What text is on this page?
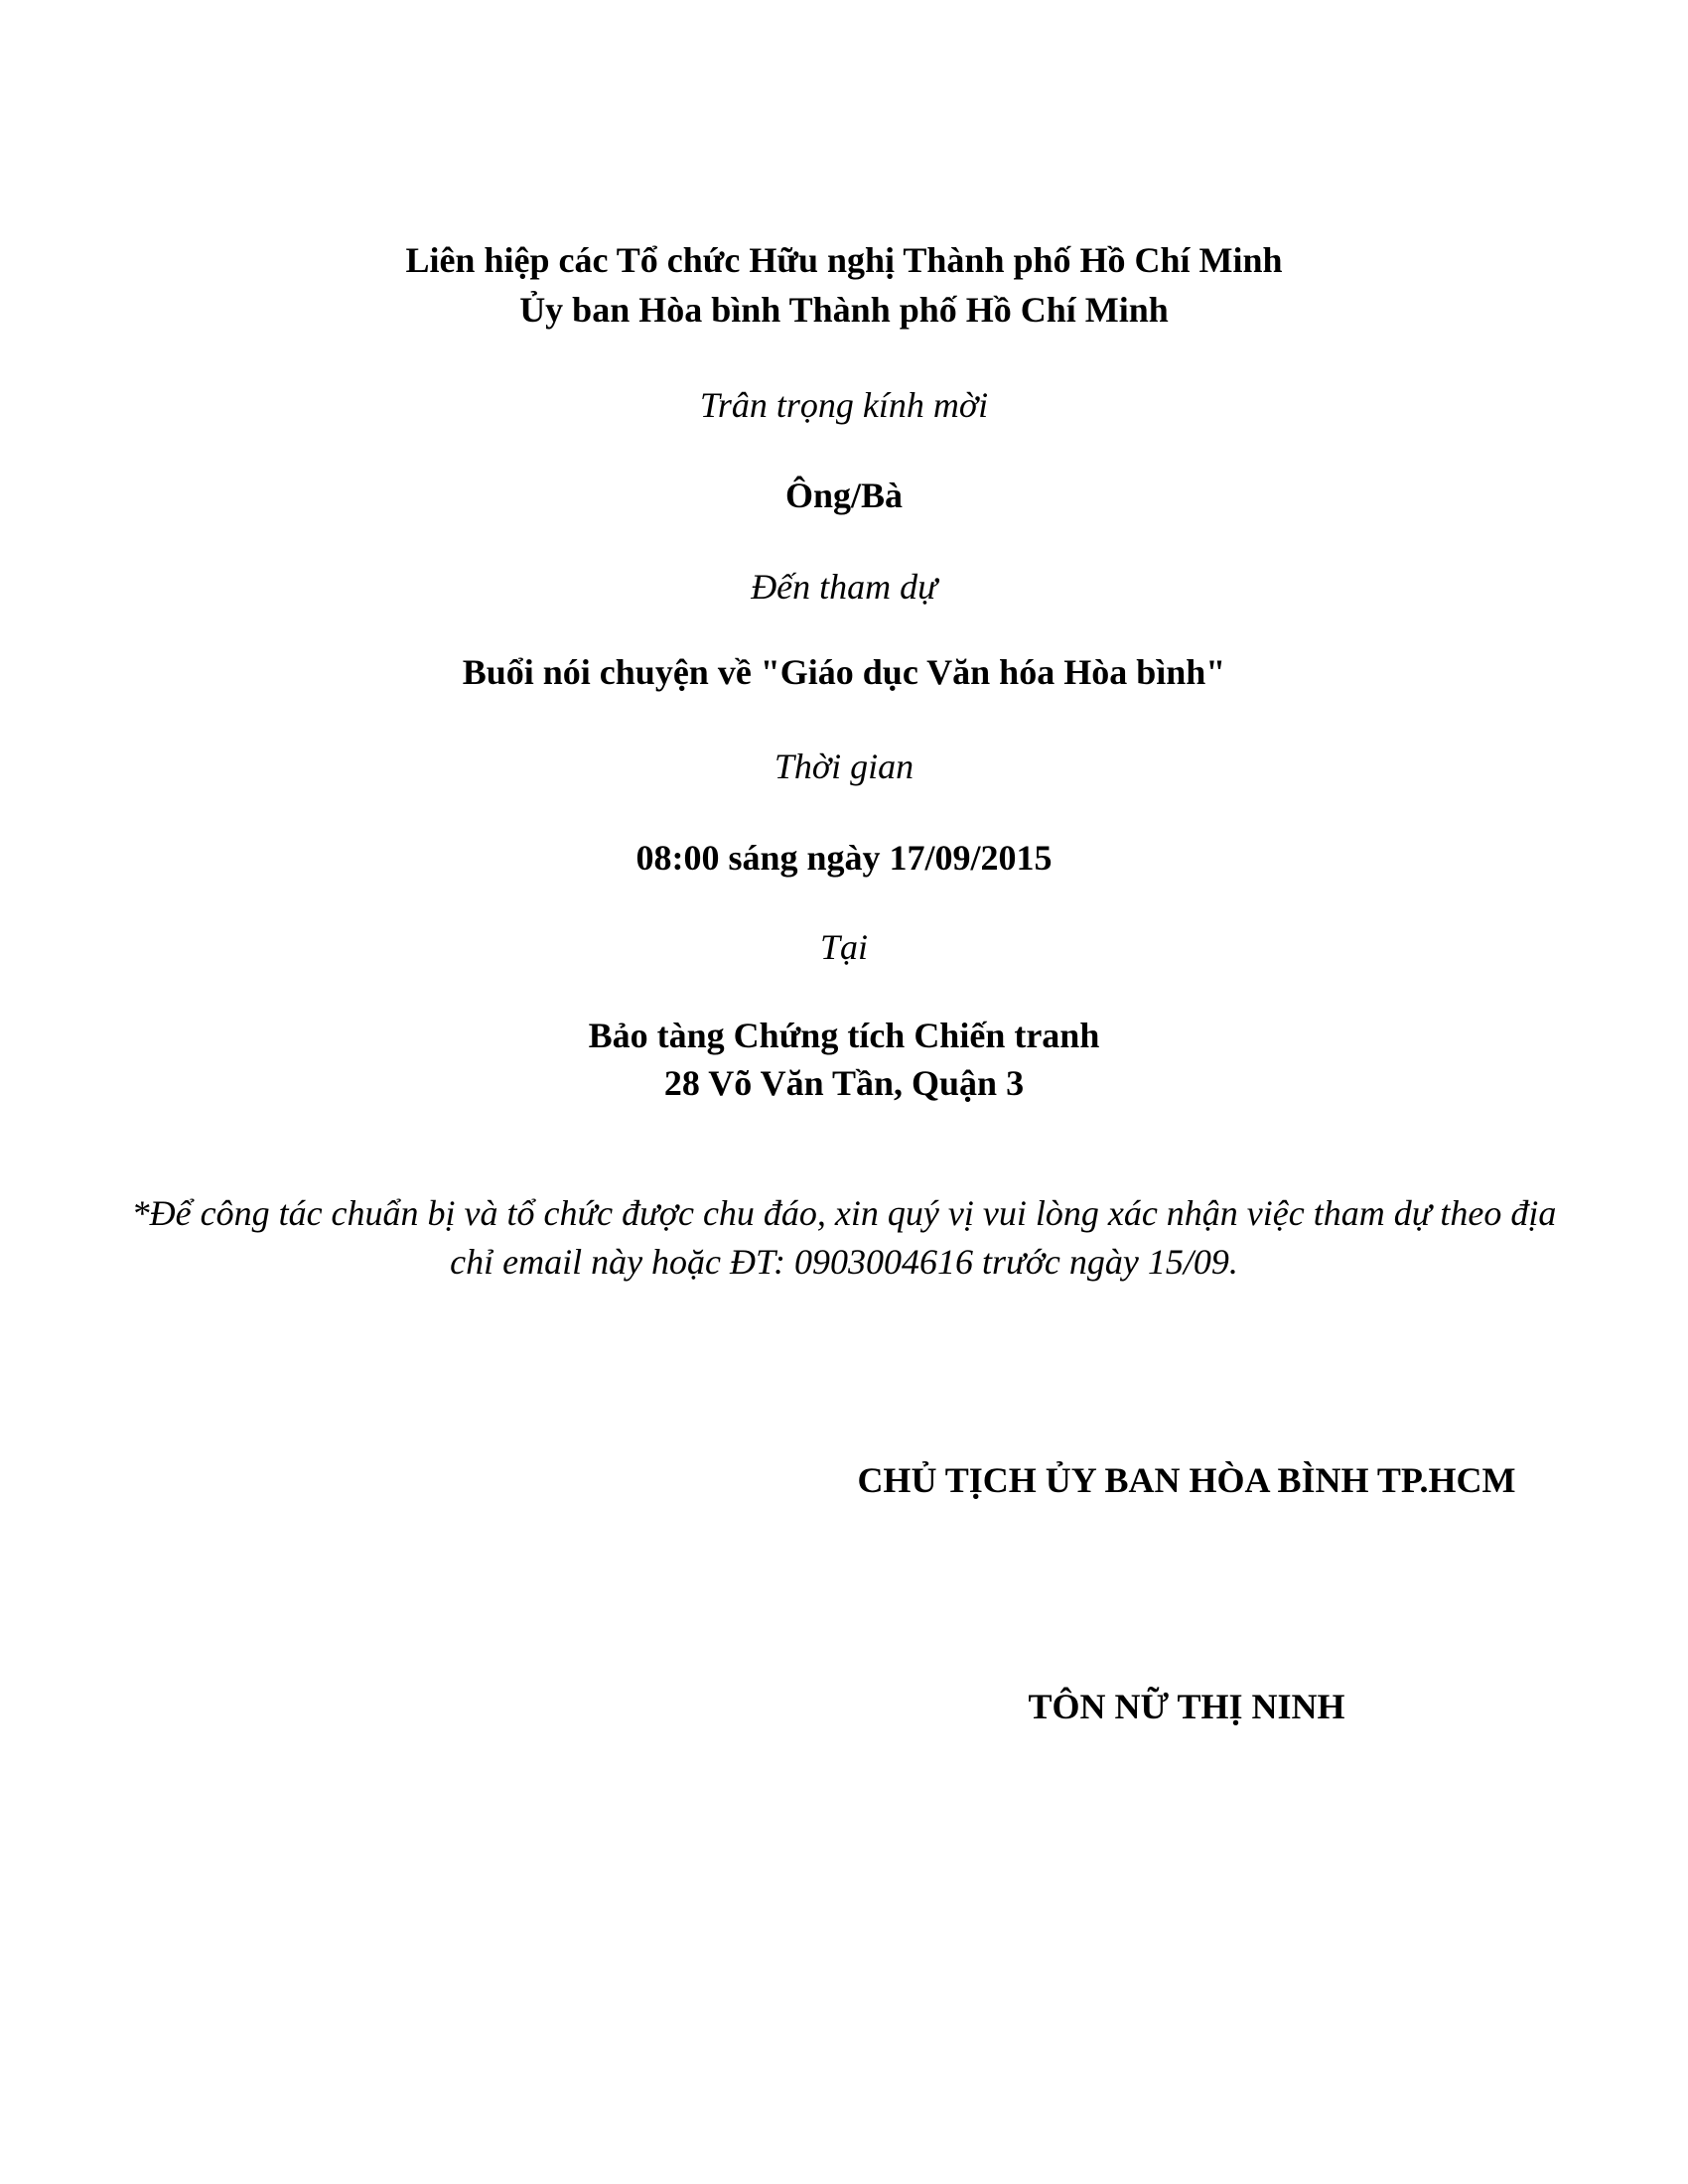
Liên hiệp các Tổ chức Hữu nghị Thành phố Hồ Chí Minh
Ủy ban Hòa bình Thành phố Hồ Chí Minh
Trân trọng kính mời
Ông/Bà
Đến tham dự
Buổi nói chuyện về "Giáo dục Văn hóa Hòa bình"
Thời gian
08:00 sáng ngày 17/09/2015
Tại
Bảo tàng Chứng tích Chiến tranh
28 Võ Văn Tần, Quận 3
*Để công tác chuẩn bị và tổ chức được chu đáo, xin quý vị vui lòng xác nhận việc tham dự theo địa
chỉ email này hoặc ĐT: 0903004616 trước ngày 15/09.
CHỦ TỊCH ỦY BAN HÒA BÌNH TP.HCM
TÔN NỮ THỊ NINH
